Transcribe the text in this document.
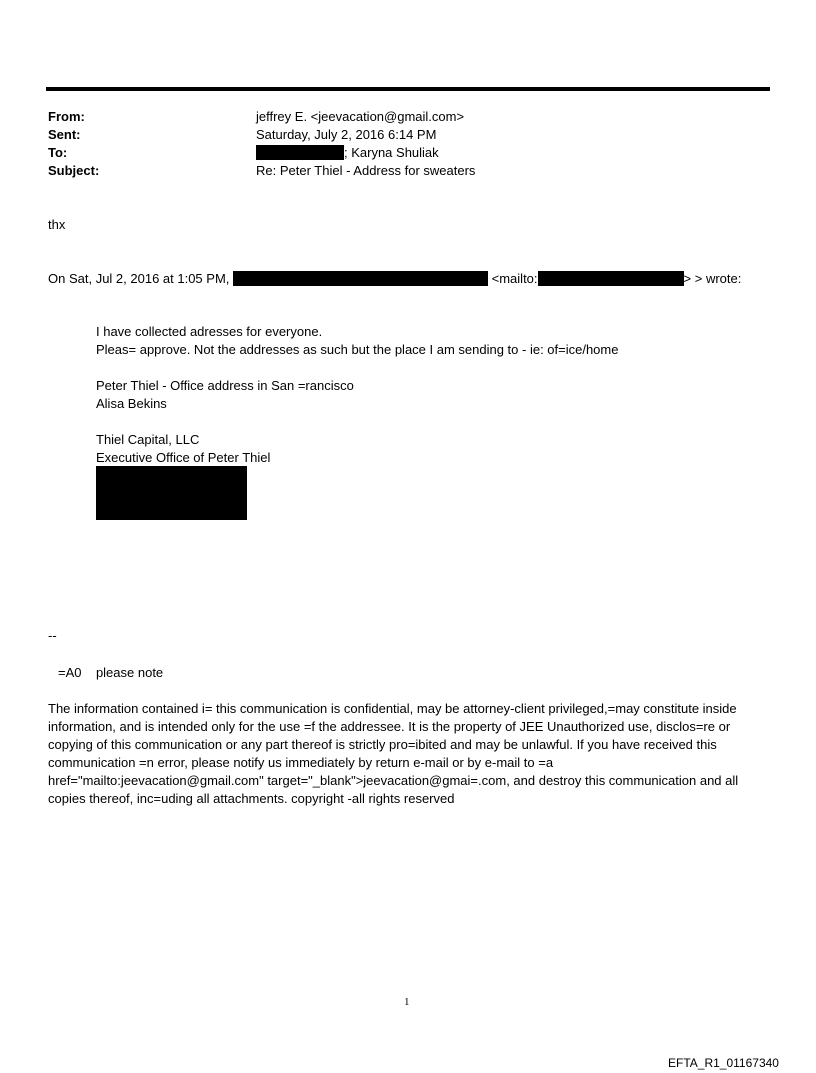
From:	jeffrey E. <jeevacation@gmail.com>
Sent:	Saturday, July 2, 2016 6:14 PM
To:	; Karyna Shuliak
Subject:	Re: Peter Thiel - Address for sweaters
thx
On Sat, Jul 2, 2016 at 1:05 PM,	<mailto:	> > wrote:
I have collected adresses for everyone.
Pleas= approve. Not the addresses as such but the place I am sending to - ie: of=ice/home
Peter Thiel - Office address in San =rancisco
Alisa Bekins
Thiel Capital, LLC
Executive Office of Peter Thiel
--
=A0    please note
The information contained i= this communication is confidential, may be attorney-client privileged,=may constitute inside information, and is intended only for the use =f the addressee. It is the property of JEE Unauthorized use, disclos=re or copying of this communication or any part thereof is strictly pro=ibited and may be unlawful. If you have received this communication =n error, please notify us immediately by return e-mail or by e-mail to =a href="mailto:jeevacation@gmail.com" target="_blank">jeevacation@gmai=.com, and destroy this communication and all copies thereof, inc=uding all attachments. copyright -all rights reserved
1
EFTA_R1_01167340
